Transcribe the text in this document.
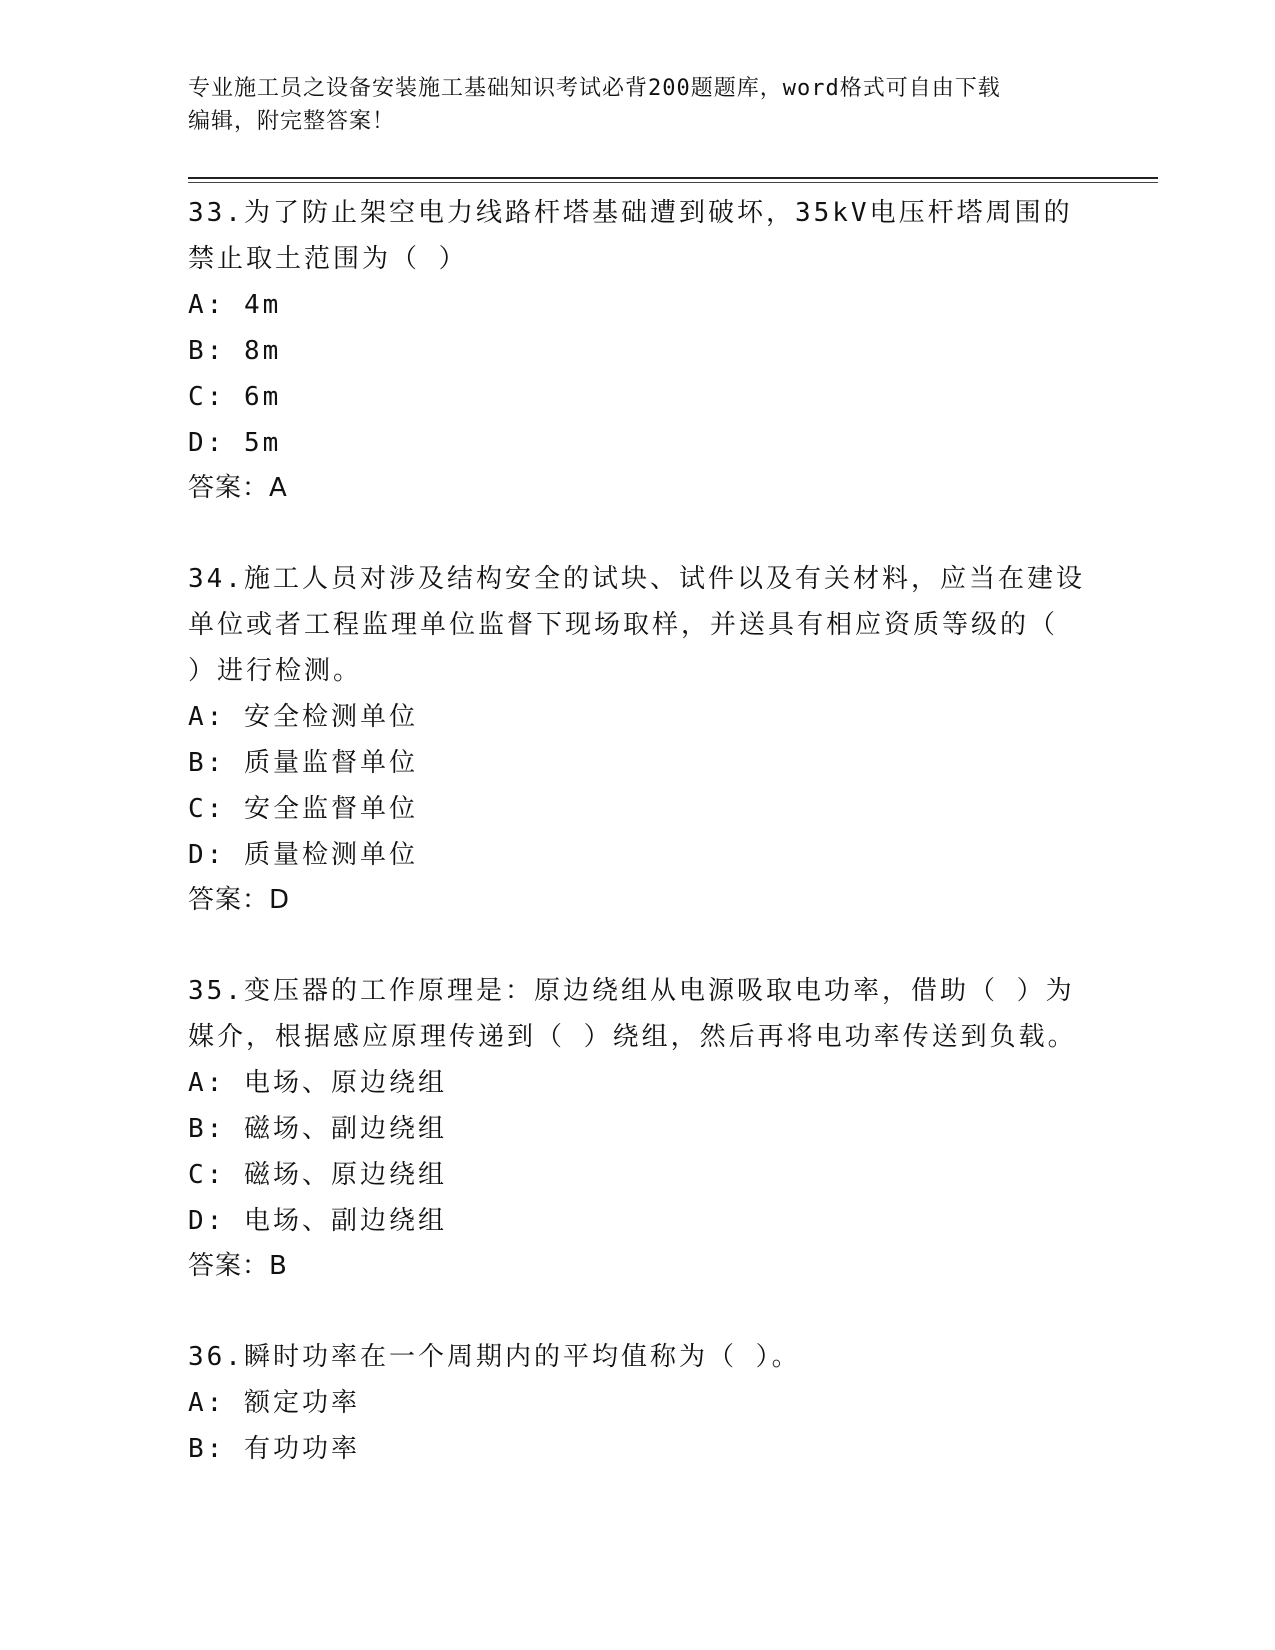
专业施工员之设备安装施工基础知识考试必背200题题库，word格式可自由下载
编辑，附完整答案！

33.为了防止架空电力线路杆塔基础遭到破坏，35kV电压杆塔周围的禁止取土范围为（ ）

A: 4m

B: 8m

C: 6m

D: 5m

答案：A

34.施工人员对涉及结构安全的试块、试件以及有关材料，应当在建设单位或者工程监理单位监督下现场取样，并送具有相应资质等级的（ ）进行检测。

A: 安全检测单位

B: 质量监督单位

C: 安全监督单位

D: 质量检测单位

答案：D

35.变压器的工作原理是：原边绕组从电源吸取电功率，借助（ ）为媒介，根据感应原理传递到（ ）绕组，然后再将电功率传送到负载。

A: 电场、原边绕组

B: 磁场、副边绕组

C: 磁场、原边绕组

D: 电场、副边绕组

答案：B

36.瞬时功率在一个周期内的平均值称为（ ）。

A: 额定功率

B: 有功功率
